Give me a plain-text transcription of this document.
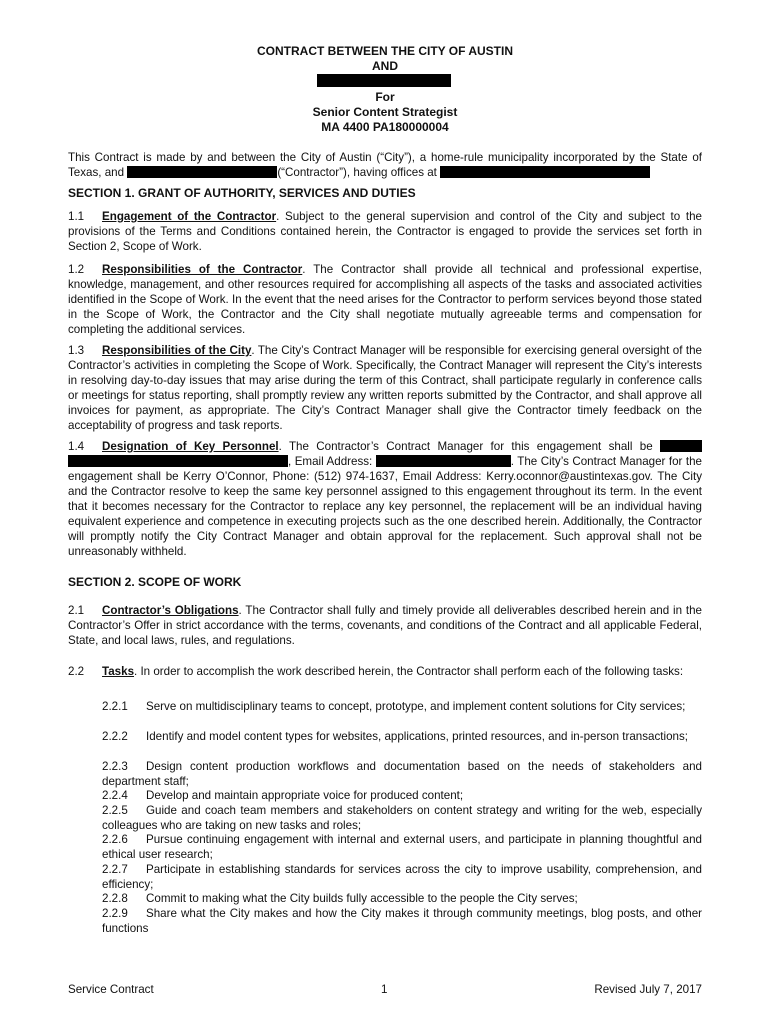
CONTRACT BETWEEN THE CITY OF AUSTIN
AND
For
Senior Content Strategist
MA 4400 PA180000004

This Contract is made by and between the City of Austin (“City”), a home-rule municipality incorporated by the State of Texas, and	(“Contractor”), having offices at

SECTION 1. GRANT OF AUTHORITY, SERVICES AND DUTIES

1.1 Engagement of the Contractor. Subject to the general supervision and control of the City and subject to the provisions of the Terms and Conditions contained herein, the Contractor is engaged to provide the services set forth in Section 2, Scope of Work.

1.2 Responsibilities of the Contractor. The Contractor shall provide all technical and professional expertise, knowledge, management, and other resources required for accomplishing all aspects of the tasks and associated activities identified in the Scope of Work. In the event that the need arises for the Contractor to perform services beyond those stated in the Scope of Work, the Contractor and the City shall negotiate mutually agreeable terms and compensation for completing the additional services.

1.3 Responsibilities of the City. The City’s Contract Manager will be responsible for exercising general oversight of the Contractor’s activities in completing the Scope of Work. Specifically, the Contract Manager will represent the City’s interests in resolving day-to-day issues that may arise during the term of this Contract, shall participate regularly in conference calls or meetings for status reporting, shall promptly review any written reports submitted by the Contractor, and shall approve all invoices for payment, as appropriate. The City’s Contract Manager shall give the Contractor timely feedback on the acceptability of progress and task reports.

1.4 Designation of Key Personnel. The Contractor’s Contract Manager for this engagement shall be  , Email Address:	. The City’s Contract Manager for the engagement shall be Kerry O’Connor, Phone: (512) 974-1637, Email Address: Kerry.oconnor@austintexas.gov. The City and the Contractor resolve to keep the same key personnel assigned to this engagement throughout its term. In the event that it becomes necessary for the Contractor to replace any key personnel, the replacement will be an individual having equivalent experience and competence in executing projects such as the one described herein. Additionally, the Contractor will promptly notify the City Contract Manager and obtain approval for the replacement. Such approval shall not be unreasonably withheld.

SECTION 2. SCOPE OF WORK

2.1 Contractor’s Obligations. The Contractor shall fully and timely provide all deliverables described herein and in the Contractor’s Offer in strict accordance with the terms, covenants, and conditions of the Contract and all applicable Federal, State, and local laws, rules, and regulations.

2.2 Tasks. In order to accomplish the work described herein, the Contractor shall perform each of the following tasks:

2.2.1 Serve on multidisciplinary teams to concept, prototype, and implement content solutions for City services;

2.2.2 Identify and model content types for websites, applications, printed resources, and in-person transactions;

2.2.3 Design content production workflows and documentation based on the needs of stakeholders and department staff;

2.2.4 Develop and maintain appropriate voice for produced content;

2.2.5 Guide and coach team members and stakeholders on content strategy and writing for the web, especially colleagues who are taking on new tasks and roles;

2.2.6 Pursue continuing engagement with internal and external users, and participate in planning thoughtful and ethical user research;

2.2.7 Participate in establishing standards for services across the city to improve usability, comprehension, and efficiency;

2.2.8 Commit to making what the City builds fully accessible to the people the City serves;

2.2.9 Share what the City makes and how the City makes it through community meetings, blog posts, and other functions

Service Contract	1	Revised July 7, 2017
